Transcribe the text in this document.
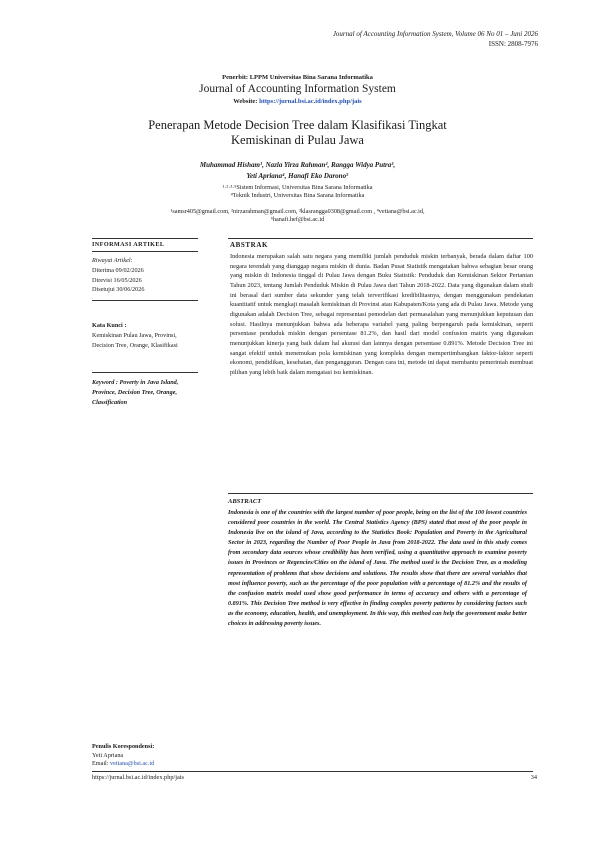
Journal of Accounting Information System, Volume 06 No 01 – Juni 2026
ISSN: 2808-7976
Penerbit: LPPM Universitas Bina Sarana Informatika
Journal of Accounting Information System
Website: https://jurnal.bsi.ac.id/index.php/jais
Penerapan Metode Decision Tree dalam Klasifikasi Tingkat Kemiskinan di Pulau Jawa
Muhammad Hisham¹, Nazla Yirza Rahman², Rangga Widya Putra³,
Yeti Apriana⁴, Hanafi Eko Darono⁵
¹·²·³·⁵Sistem Informasi, Universitas Bina Sarana Informatika
⁴Teknik Industri, Universitas Bina Sarana Informatika
¹samsr405@gmail.com, ²nirzarahman@gmail.com, ³klasrangga0308@gmail.com , ⁴vetiana@bsi.ac.id,
⁵hanafi.hef@bsi.ac.id
INFORMASI ARTIKEL
Riwayat Artikel:
Diterima 09/02/2026
Direvisi 16/05/2026
Disetujui 30/06/2026
Kata Kunci :
Kemiskinan Pulau Jawa, Provinsi, Decision Tree, Orange, Klasifikasi
Keyword : Poverty in Java Island, Province, Decision Tree, Orange, Classification
ABSTRAK
Indonesia merupakan salah satu negara yang memiliki jumlah penduduk miskin terbanyak, berada dalam daftar 100 negara terendah yang dianggap negara miskin di dunia. Badan Pusat Statistik mengatakan bahwa sebagian besar orang yang miskin di Indonesia tinggal di Pulau Jawa dengan Buku Statistik: Penduduk dan Kemiskinan Sektor Pertanian Tahun 2023, tentang Jumlah Penduduk Miskin di Pulau Jawa dari Tahun 2018-2022. Data yang digunakan dalam studi ini berasal dari sumber data sekunder yang telah terverifikasi kredibilitasnya, dengan menggunakan pendekatan kuantitatif untuk mengkaji masalah kemiskinan di Provinsi atau Kabupaten/Kota yang ada di Pulau Jawa. Metode yang digunakan adalah Decision Tree, sebagai representasi pemodelan dari permasalahan yang menunjukkan keputusan dan solusi. Hasilnya menunjukkan bahwa ada beberapa variabel yang paling berpengaruh pada kemiskinan, seperti persentase penduduk miskin dengan persentase 81.2%, dan hasil dari model confusion matrix yang digunakan menunjukkan kinerja yang baik dalam hal akurasi dan lainnya dengan persentase 0.891%. Metode Decision Tree ini sangat efektif untuk menemukan pola kemiskinan yang kompleks dengan mempertimbangkan faktor-faktor seperti ekonomi, pendidikan, kesehatan, dan pengangguran. Dengan cara ini, metode ini dapat membantu pemerintah membuat pilihan yang lebih baik dalam mengatasi isu kemiskinan.
ABSTRACT
Indonesia is one of the countries with the largest number of poor people, being on the list of the 100 lowest countries considered poor countries in the world. The Central Statistics Agency (BPS) stated that most of the poor people in Indonesia live on the island of Java, according to the Statistics Book: Population and Poverty in the Agricultural Sector in 2023, regarding the Number of Poor People in Java from 2018-2022. The data used in this study comes from secondary data sources whose credibility has been verified, using a quantitative approach to examine poverty issues in Provinces or Regencies/Cities on the island of Java. The method used is the Decision Tree, as a modeling representation of problems that show decisions and solutions. The results show that there are several variables that most influence poverty, such as the percentage of the poor population with a percentage of 81.2% and the results of the confusion matrix model used show good performance in terms of accuracy and others with a percentage of 0.891%. This Decision Tree method is very effective in finding complex poverty patterns by considering factors such as the economy, education, health, and unemployment. In this way, this method can help the government make better choices in addressing poverty issues.
Penulis Korespondensi:
Yeti Apriana
Email: vetiana@bsi.ac.id
https://jurnal.bsi.ac.id/index.php/jais	34
